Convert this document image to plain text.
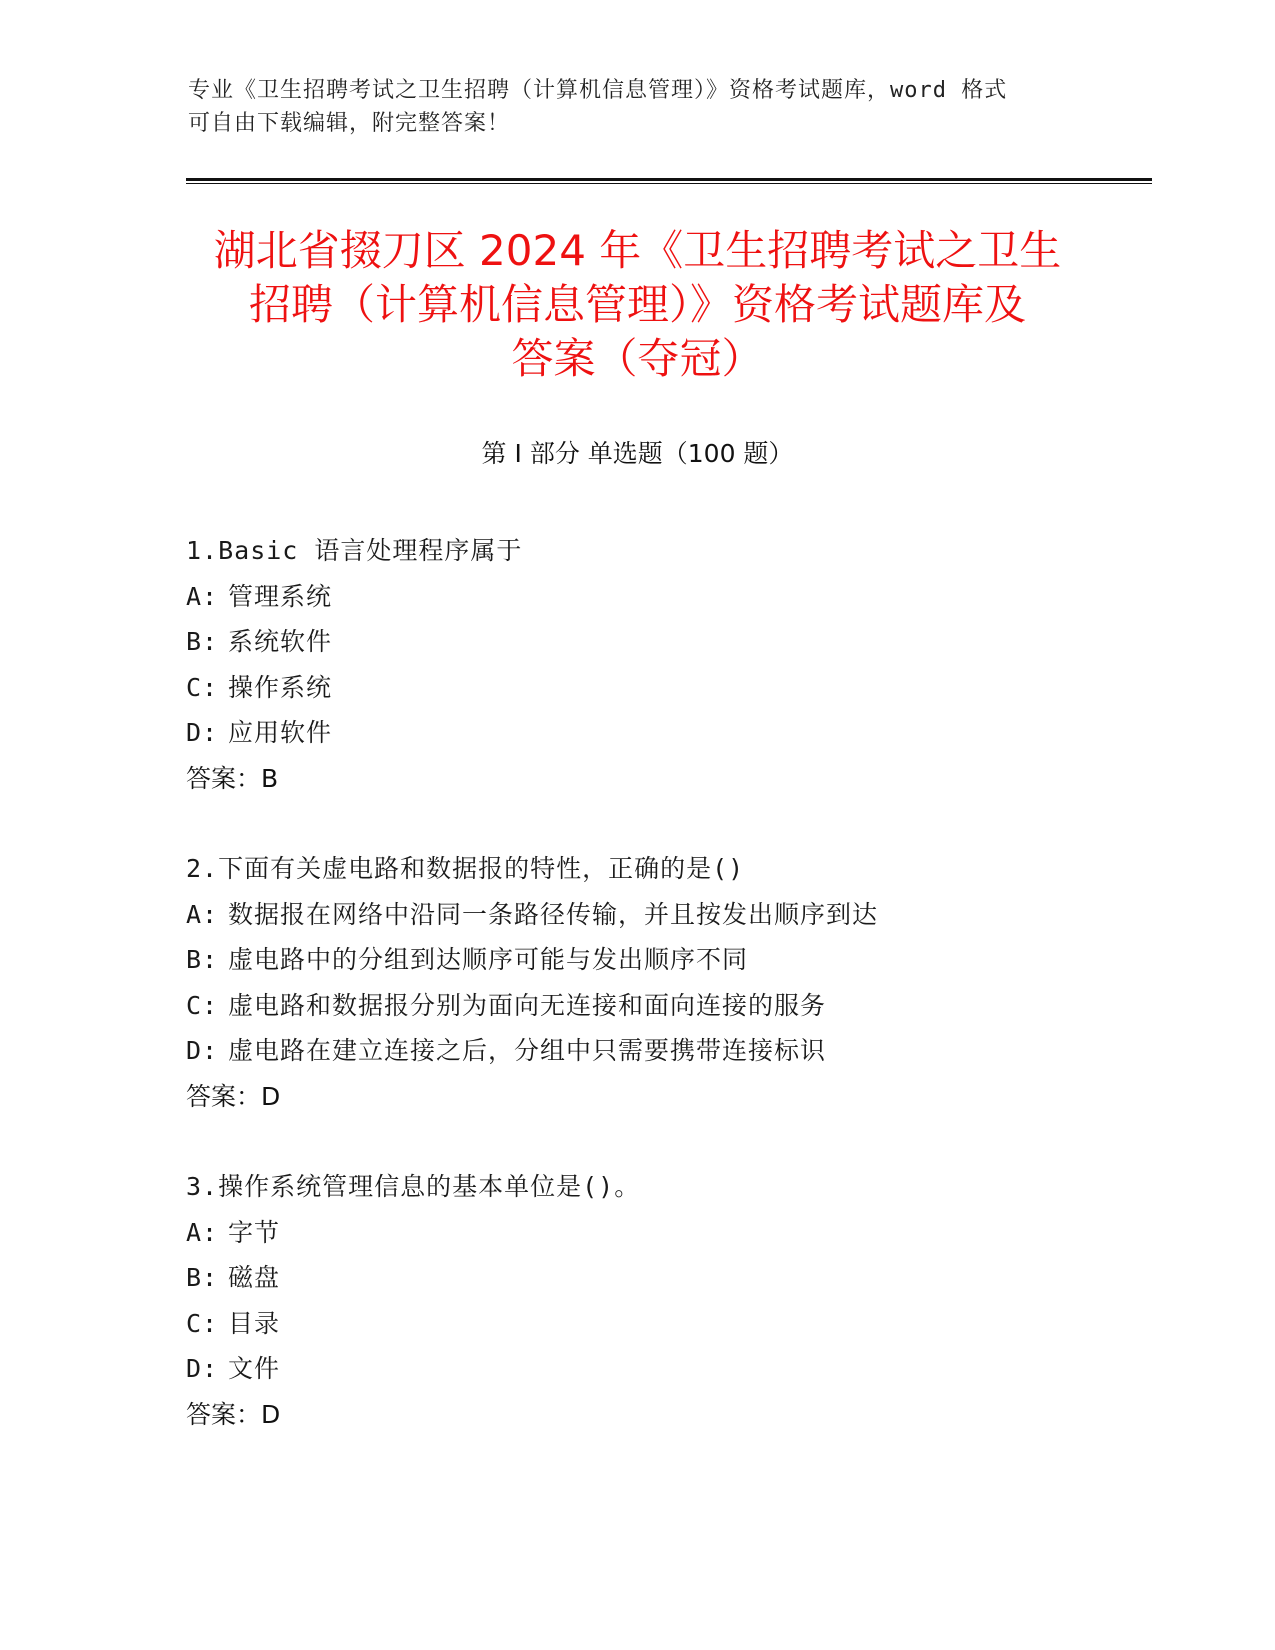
专业《卫生招聘考试之卫生招聘（计算机信息管理）》资格考试题库，word 格式
可自由下载编辑，附完整答案！
湖北省掇刀区 2024 年《卫生招聘考试之卫生
招聘（计算机信息管理）》资格考试题库及
答案（夺冠）
第 I 部分 单选题（100 题）
1.Basic 语言处理程序属于
A: 管理系统
B: 系统软件
C: 操作系统
D: 应用软件
答案：B
2.下面有关虚电路和数据报的特性，正确的是()
A: 数据报在网络中沿同一条路径传输，并且按发出顺序到达
B: 虚电路中的分组到达顺序可能与发出顺序不同
C: 虚电路和数据报分别为面向无连接和面向连接的服务
D: 虚电路在建立连接之后，分组中只需要携带连接标识
答案：D
3.操作系统管理信息的基本单位是()。
A: 字节
B: 磁盘
C: 目录
D: 文件
答案：D
